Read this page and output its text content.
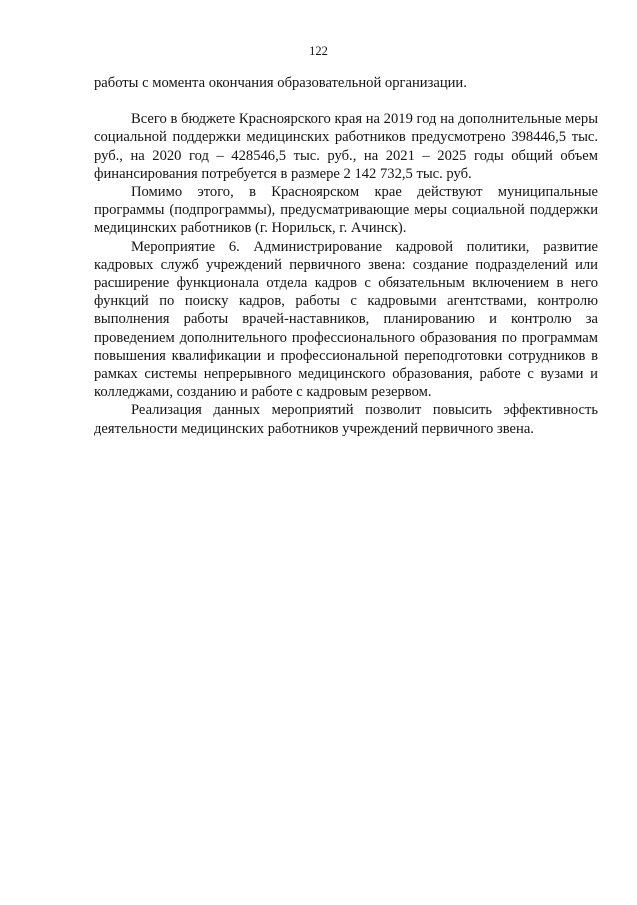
122

работы с момента окончания образовательной организации.

Всего в бюджете Красноярского края на 2019 год на дополнительные меры социальной поддержки медицинских работников предусмотрено 398446,5 тыс. руб., на 2020 год – 428546,5 тыс. руб., на 2021 – 2025 годы общий объем финансирования потребуется в размере 2 142 732,5 тыс. руб.

Помимо этого, в Красноярском крае действуют муниципальные программы (подпрограммы), предусматривающие меры социальной поддержки медицинских работников (г. Норильск, г. Ачинск).

Мероприятие 6. Администрирование кадровой политики, развитие кадровых служб учреждений первичного звена: создание подразделений или расширение функционала отдела кадров с обязательным включением в него функций по поиску кадров, работы с кадровыми агентствами, контролю выполнения работы врачей-наставников, планированию и контролю за проведением дополнительного профессионального образования по программам повышения квалификации и профессиональной переподготовки сотрудников в рамках системы непрерывного медицинского образования, работе с вузами и колледжами, созданию и работе с кадровым резервом.

Реализация данных мероприятий позволит повысить эффективность деятельности медицинских работников учреждений первичного звена.
